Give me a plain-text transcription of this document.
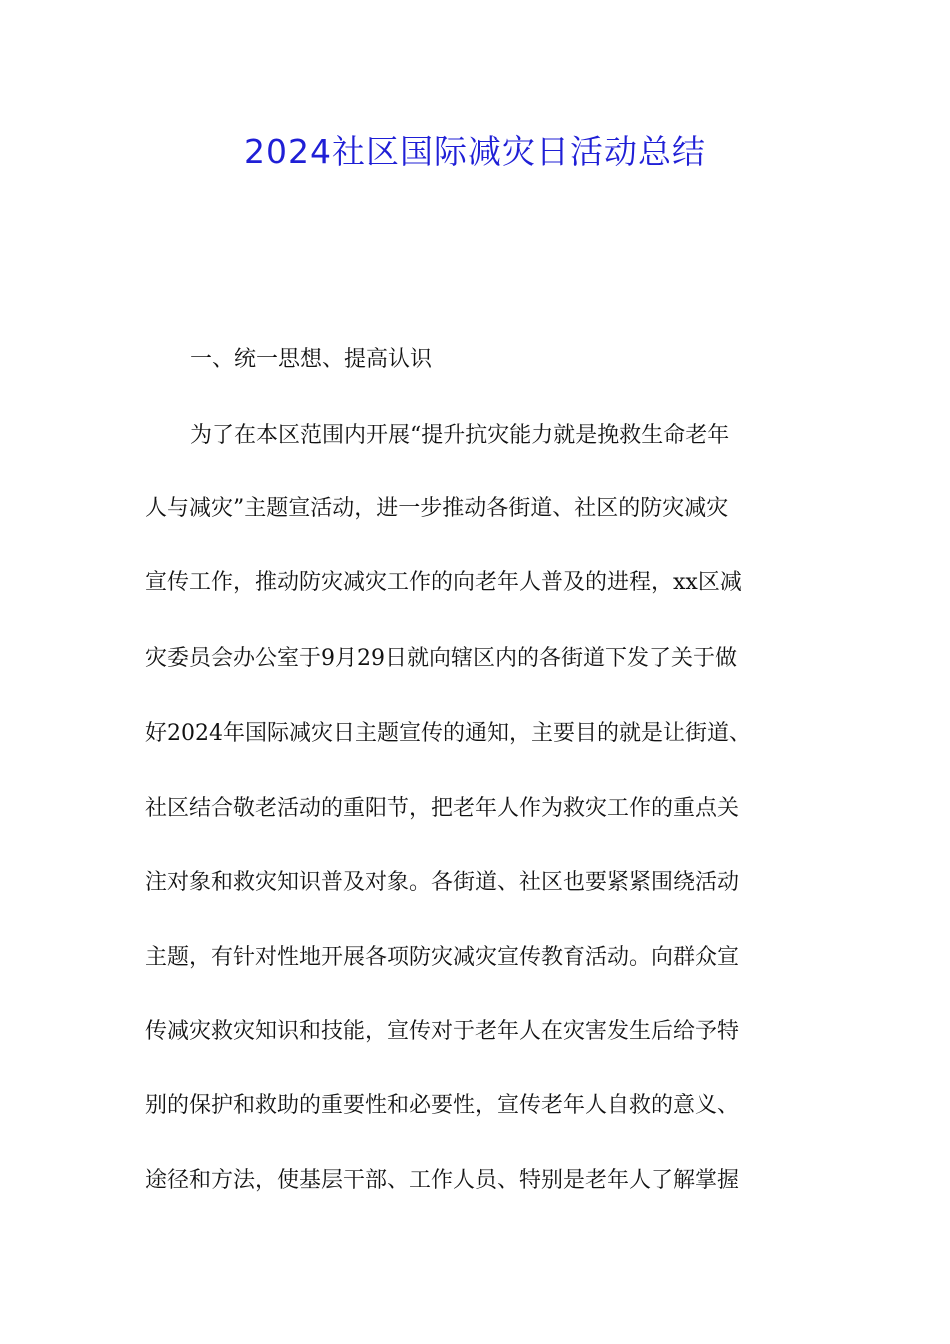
2024社区国际减灾日活动总结

一、统一思想、提高认识

为了在本区范围内开展“提升抗灾能力就是挽救生命老年

人与减灾”主题宣活动，进一步推动各街道、社区的防灾减灾

宣传工作，推动防灾减灾工作的向老年人普及的进程，xx区减

灾委员会办公室于9月29日就向辖区内的各街道下发了关于做

好2024年国际减灾日主题宣传的通知，主要目的就是让街道、

社区结合敬老活动的重阳节，把老年人作为救灾工作的重点关

注对象和救灾知识普及对象。各街道、社区也要紧紧围绕活动

主题，有针对性地开展各项防灾减灾宣传教育活动。向群众宣

传减灾救灾知识和技能，宣传对于老年人在灾害发生后给予特

别的保护和救助的重要性和必要性，宣传老年人自救的意义、

途径和方法，使基层干部、工作人员、特别是老年人了解掌握
